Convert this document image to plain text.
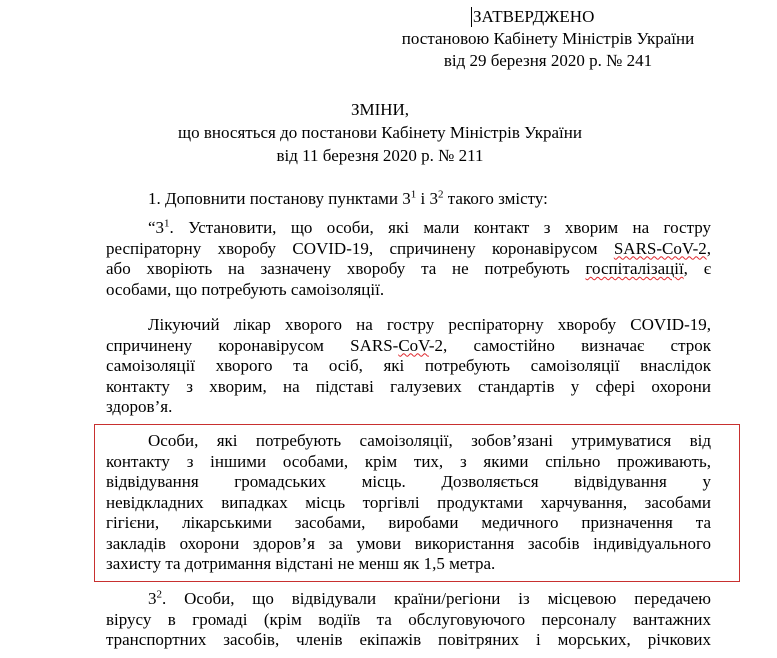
ЗАТВЕРДЖЕНО
постановою Кабінету Міністрів України
від 29 березня 2020 р. № 241
ЗМІНИ,
що вносяться до постанови Кабінету Міністрів України
від 11 березня 2020 р. № 211
1. Доповнити постанову пунктами $3^1$ і $3^2$ такого змісту:
“$3^1$. Установити, що особи, які мали контакт з хворим на гостру
респіраторну хворобу COVID-19, спричинену коронавірусом SARS-CoV-2,
або хворіють на зазначену хворобу та не потребують госпіталізації, є
особами, що потребують самоізоляції.
Лікуючий лікар хворого на гостру респіраторну хворобу COVID-19,
спричинену коронавірусом SARS-CoV-2, самостійно визначає строк
самоізоляції хворого та осіб, які потребують самоізоляції внаслідок
контакту з хворим, на підставі галузевих стандартів у сфері охорони
здоров’я.
Особи, які потребують самоізоляції, зобов’язані утримуватися від
контакту з іншими особами, крім тих, з якими спільно проживають,
відвідування громадських місць. Дозволяється відвідування у
невідкладних випадках місць торгівлі продуктами харчування, засобами
гігієни, лікарськими засобами, виробами медичного призначення та
закладів охорони здоров’я за умови використання засобів індивідуального
захисту та дотримання відстані не менш як 1,5 метра.
$3^2$. Особи, що відвідували країни/регіони із місцевою передачею
вірусу в громаді (крім водіїв та обслуговуючого персоналу вантажних
транспортних засобів, членів екіпажів повітряних і морських, річкових
